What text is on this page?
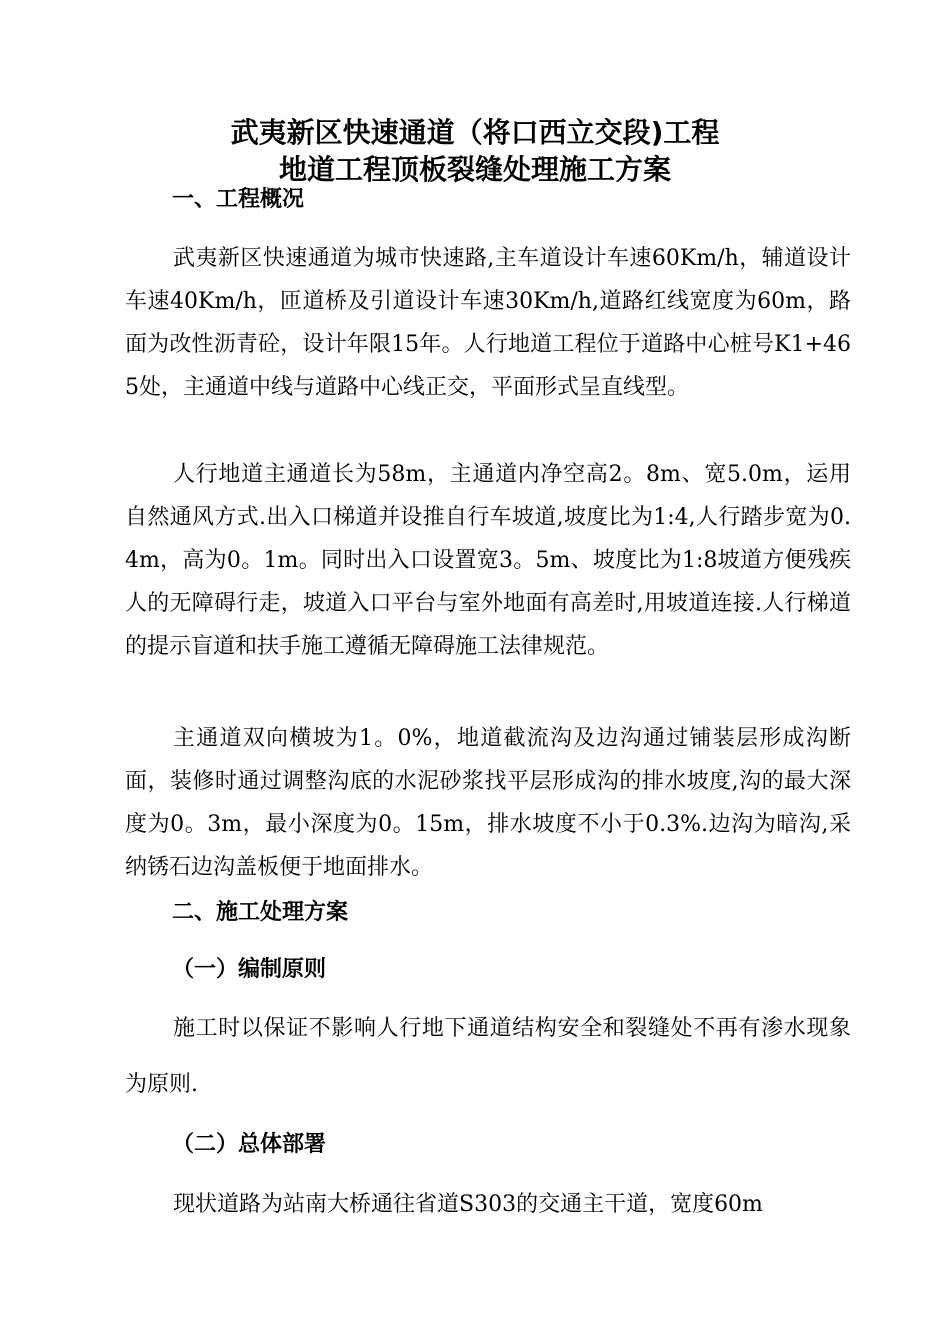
武夷新区快速通道（将口西立交段)工程
地道工程顶板裂缝处理施工方案
一、工程概况
武夷新区快速通道为城市快速路,主车道设计车速60Km/h，辅道设计车速40Km/h，匝道桥及引道设计车速30Km/h,道路红线宽度为60m，路面为改性沥青砼，设计年限15年。人行地道工程位于道路中心桩号K1+465处，主通道中线与道路中心线正交，平面形式呈直线型。
人行地道主通道长为58m，主通道内净空高2。8m、宽5.0m，运用自然通风方式.出入口梯道并设推自行车坡道,坡度比为1:4,人行踏步宽为0.4m，高为0。1m。同时出入口设置宽3。5m、坡度比为1:8坡道方便残疾人的无障碍行走，坡道入口平台与室外地面有高差时,用坡道连接.人行梯道的提示盲道和扶手施工遵循无障碍施工法律规范。
主通道双向横坡为1。0%，地道截流沟及边沟通过铺装层形成沟断面，装修时通过调整沟底的水泥砂浆找平层形成沟的排水坡度,沟的最大深度为0。3m，最小深度为0。15m，排水坡度不小于0.3%.边沟为暗沟,采纳锈石边沟盖板便于地面排水。
二、施工处理方案
（一）编制原则
施工时以保证不影响人行地下通道结构安全和裂缝处不再有渗水现象为原则.
（二）总体部署
现状道路为站南大桥通往省道S303的交通主干道，宽度60m
